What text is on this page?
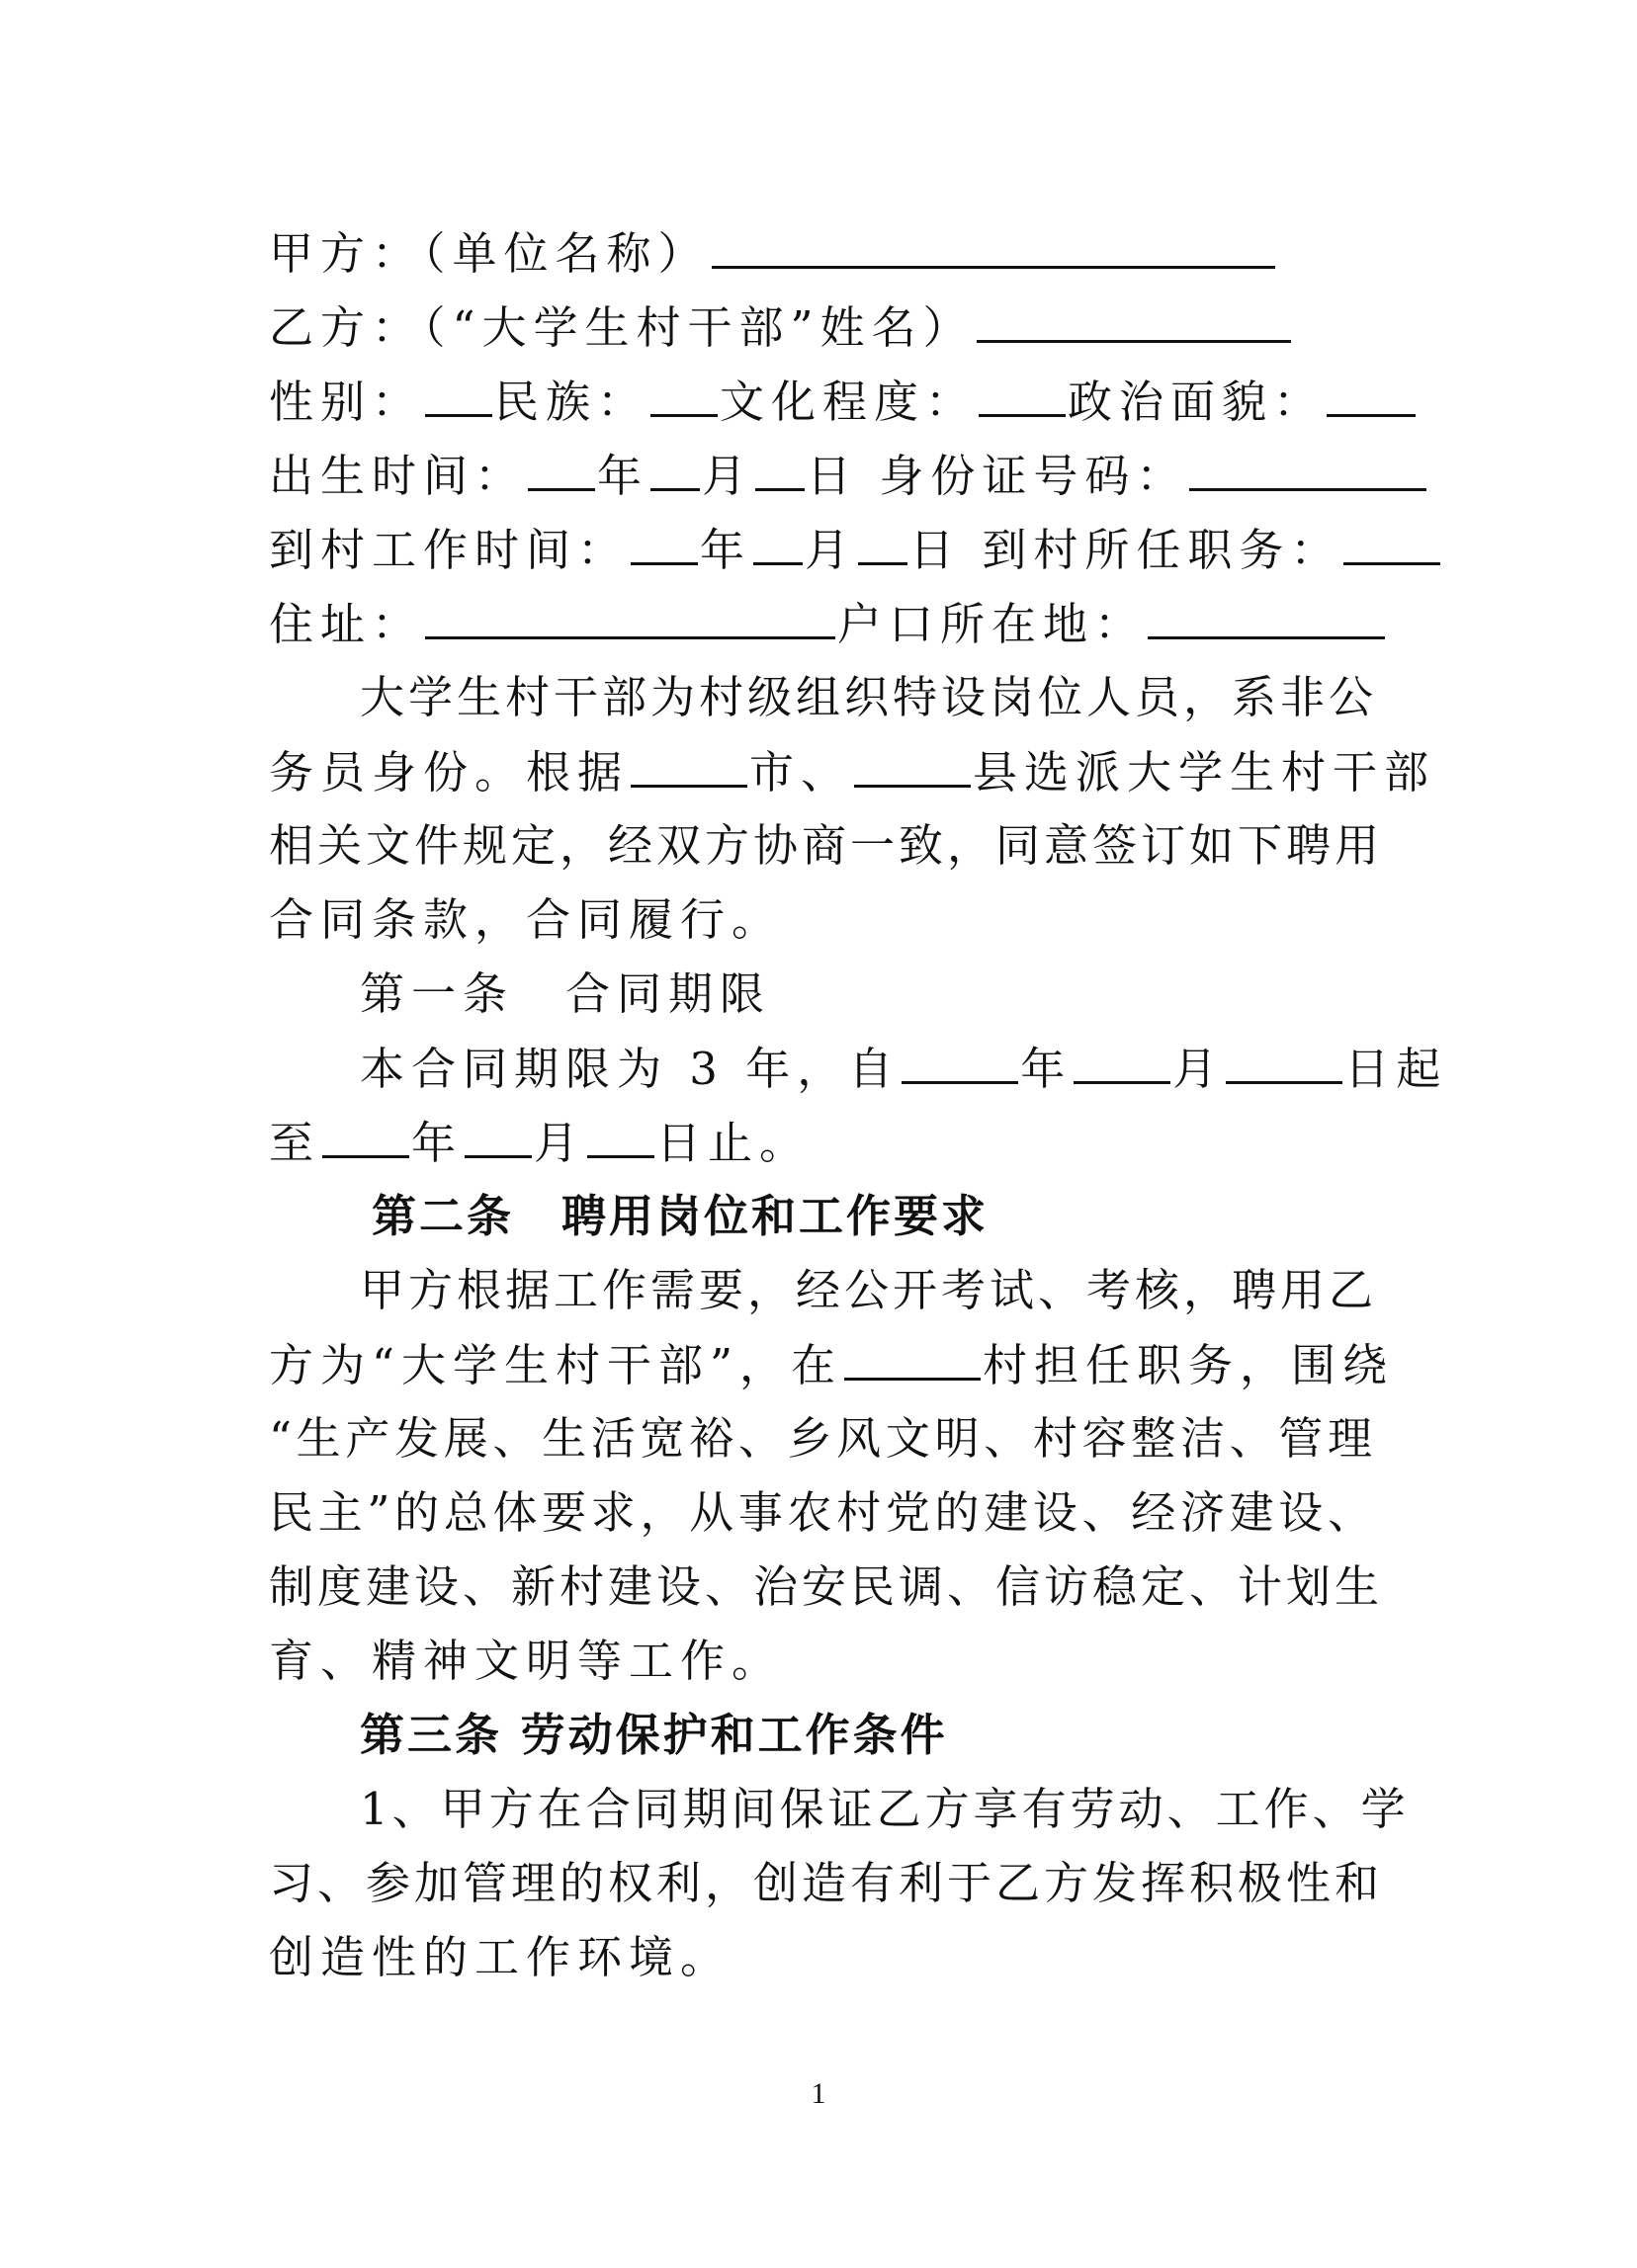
甲方：（单位名称）
乙方：（“大学生村干部”姓名）
性别： 民族： 文化程度： 政治面貌：
出生时间： 年 月 日 身份证号码：
到村工作时间： 年 月 日 到村所任职务：
住址：	户口所在地：
大学生村干部为村级组织特设岗位人员，系非公
务员身份。根据	市、	县选派大学生村干部
相关文件规定，经双方协商一致，同意签订如下聘用
合同条款，合同履行。
第一条　合同期限
本合同期限为 3 年，自	年 月	日起
至 年 月 日止。
第二条　聘用岗位和工作要求
甲方根据工作需要，经公开考试、考核，聘用乙
方为“大学生村干部”，在	村担任职务，围绕
“生产发展、生活宽裕、乡风文明、村容整洁、管理
民主”的总体要求，从事农村党的建设、经济建设、
制度建设、新村建设、治安民调、信访稳定、计划生
育、精神文明等工作。
第三条 劳动保护和工作条件
1、甲方在合同期间保证乙方享有劳动、工作、学
习、参加管理的权利，创造有利于乙方发挥积极性和
创造性的工作环境。
1
